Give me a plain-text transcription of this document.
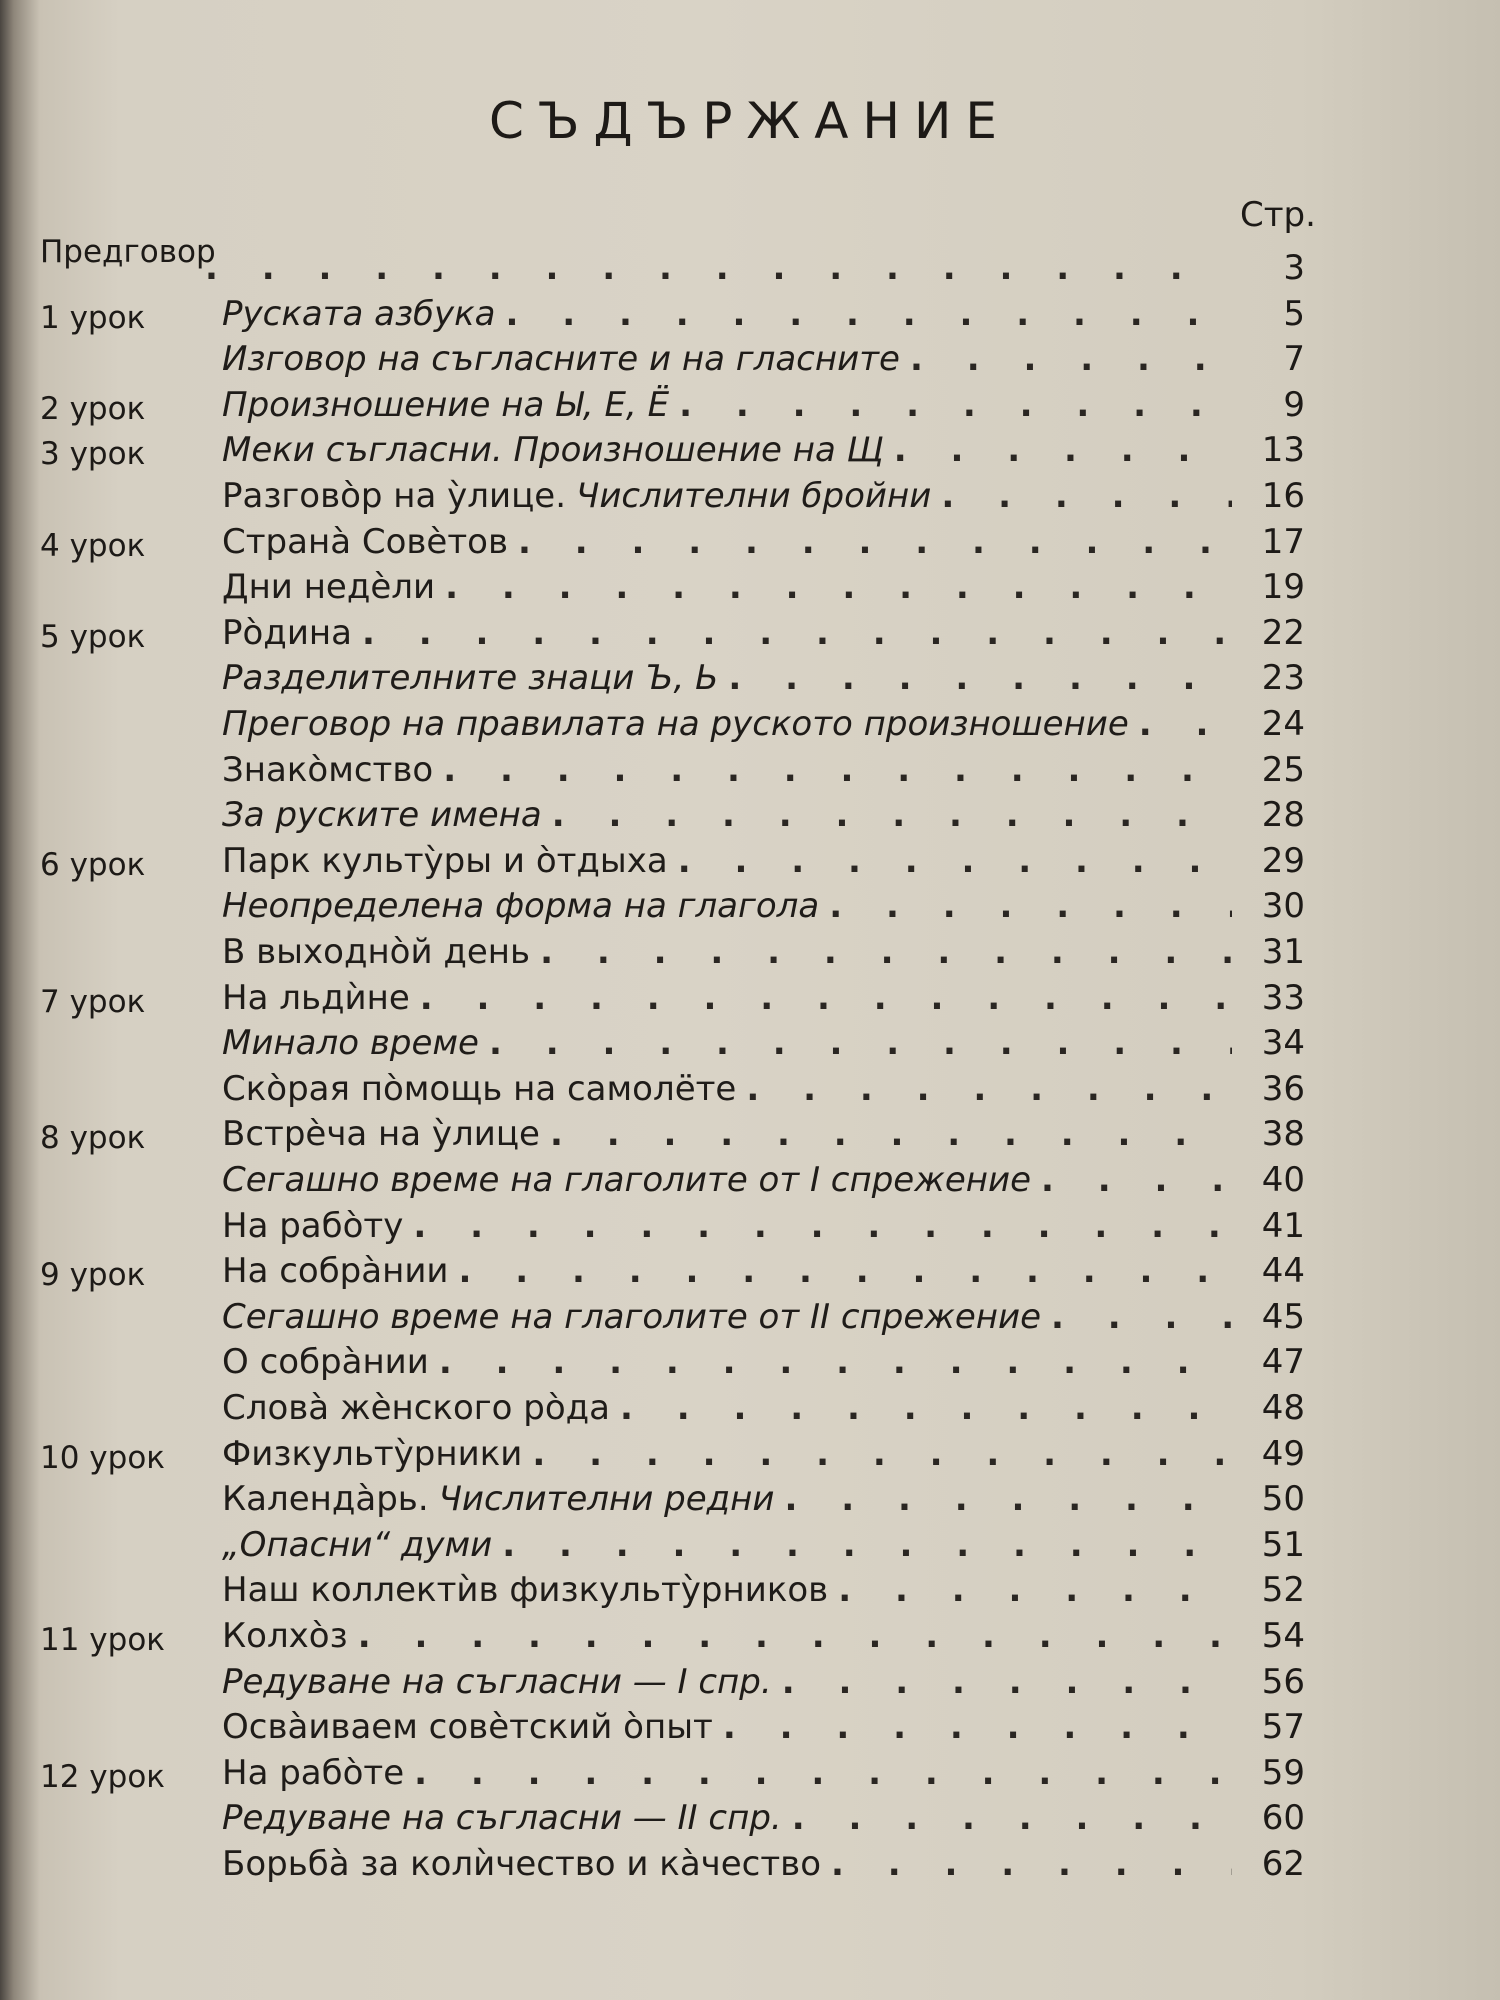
СЪДЪРЖАНИЕ
Стр.
Предговор . . .	3
1 урок Руската азбука . . .	5
Изговор на съгласните и на гласните . . .	7
2 урок Произношение на Ы, Е, Ё . . .	9
3 урок Меки съгласни. Произношение на Щ . . .	13
Разговòр на ỳлице. Числителни бройни . . .	16
4 урок Странà Совèтов . . .	17
Дни недèли . . .	19
5 урок Рòдина . . .	22
Разделителните знаци Ъ, Ь . . .	23
Преговор на правилата на руското произношение . . .	24
Знакòмство . . .	25
За руските имена . . .	28
6 урок Парк культỳры и òтдыха . . .	29
Неопределена форма на глагола . . .	30
В выходнòй день . . .	31
7 урок На льдѝне . . .	33
Минало време . . .	34
Скòрая пòмощь на самолёте . . .	36
8 урок Встрèча на ỳлице . . .	38
Сегашно време на глаголите от I спрежение . . .	40
На рабòту . . .	41
9 урок На собрàнии . . .	44
Сегашно време на глаголите от II спрежение . . .	45
О собрàнии . . .	47
Словà жèнского рòда . . .	48
10 урок Физкультỳрники . . .	49
Календàрь. Числителни редни . . .	50
„Опасни“ думи . . .	51
Наш коллектѝв физкультỳрников . . .	52
11 урок Колхòз . . .	54
Редуване на съгласни — I спр. . . .	56
Освàиваем совèтский òпыт . . .	57
12 урок На рабòте . . .	59
Редуване на съгласни — II спр. . . .	60
Борьбà за колѝчество и кàчество . . .	62
